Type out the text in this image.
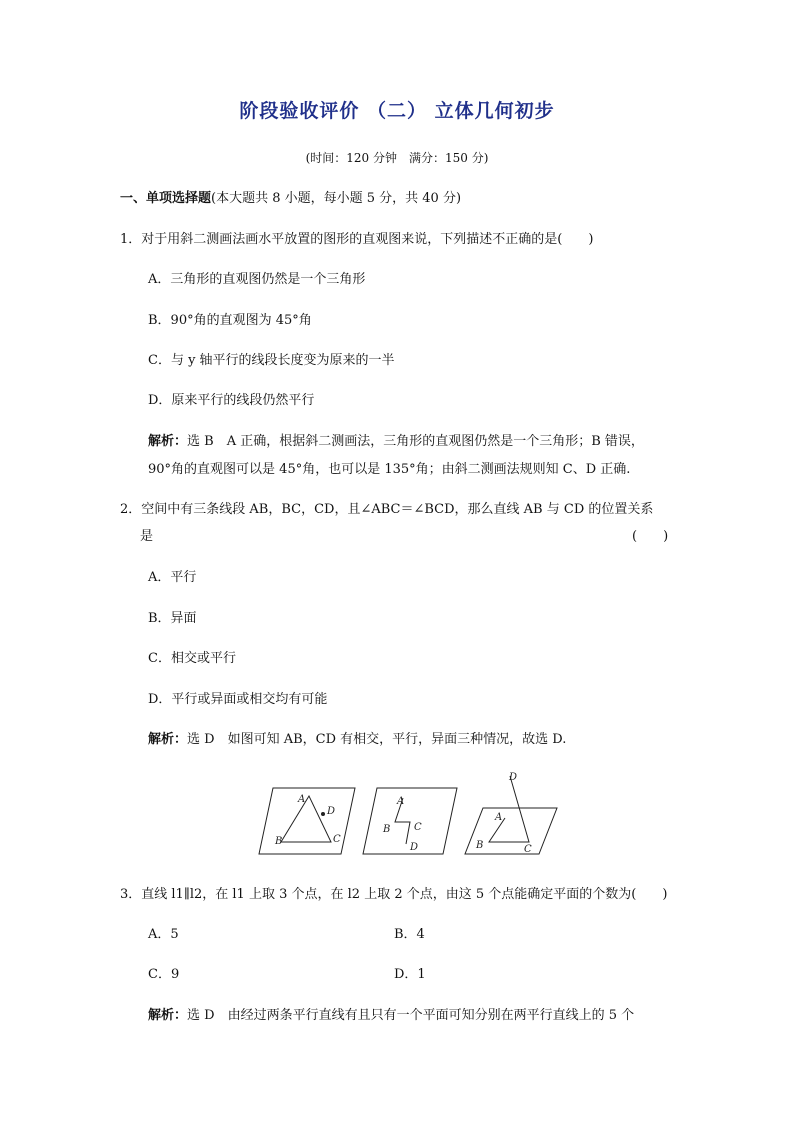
阶段验收评价 （二） 立体几何初步
(时间：120 分钟　满分：150 分)
一、单项选择题(本大题共 8 小题，每小题 5 分，共 40 分)
1．对于用斜二测画法画水平放置的图形的直观图来说，下列描述不正确的是(　　)
A．三角形的直观图仍然是一个三角形
B．90°角的直观图为 45°角
C．与 y 轴平行的线段长度变为原来的一半
D．原来平行的线段仍然平行
解析：选 B　A 正确，根据斜二测画法，三角形的直观图仍然是一个三角形；B 错误，
90°角的直观图可以是 45°角，也可以是 135°角；由斜二测画法规则知 C、D 正确.
2．空间中有三条线段 AB，BC，CD，且∠ABC＝∠BCD，那么直线 AB 与 CD 的位置关系
是	(　　)
A．平行
B．异面
C．相交或平行
D．平行或异面或相交均有可能
解析：选 D　如图可知 AB，CD 有相交，平行，异面三种情况，故选 D.
A
D
B	C
A
B C
D
D
A
B	C
3．直线 l1∥l2，在 l1 上取 3 个点，在 l2 上取 2 个点，由这 5 个点能确定平面的个数为(　　)
A．5	B．4
C．9	D．1
解析：选 D　由经过两条平行直线有且只有一个平面可知分别在两平行直线上的 5 个
